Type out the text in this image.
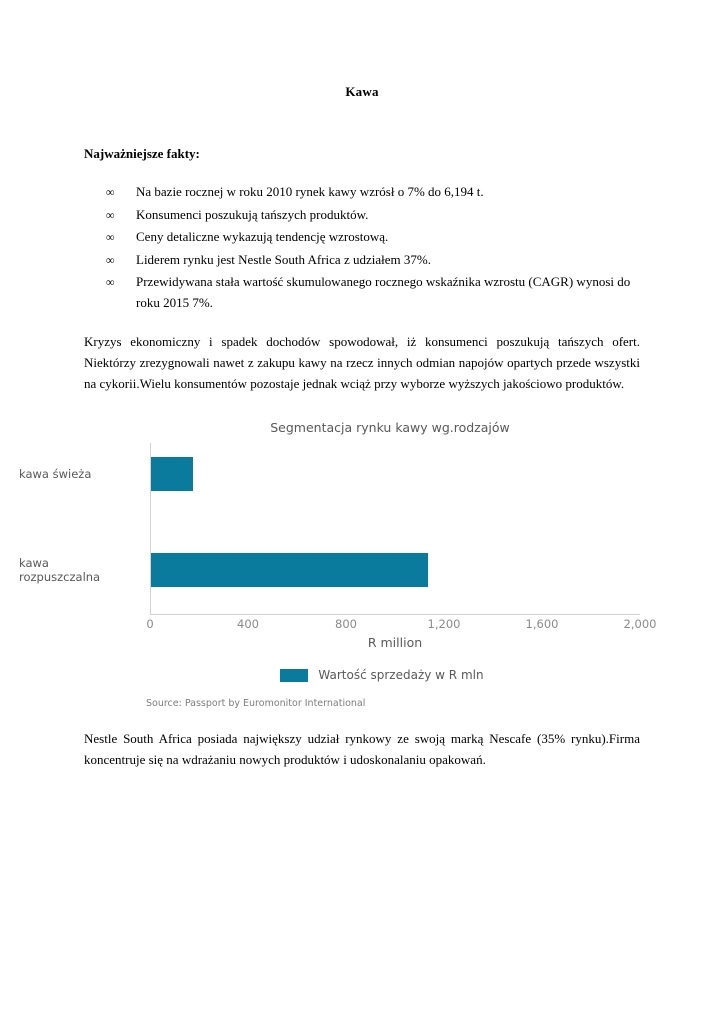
Kawa
Najważniejsze fakty:
∞ Na bazie rocznej w roku 2010 rynek kawy wzrósł o 7% do 6,194 t.
∞ Konsumenci poszukują tańszych produktów.
∞ Ceny detaliczne wykazują tendencję wzrostową.
∞ Liderem rynku jest Nestle South Africa z udziałem 37%.
∞ Przewidywana stała wartość skumulowanego rocznego wskaźnika wzrostu (CAGR) wynosi do roku 2015 7%.

Kryzys ekonomiczny i spadek dochodów spowodował, iż konsumenci poszukują tańszych ofert. Niektórzy zrezygnowali nawet z zakupu kawy na rzecz innych odmian napojów opartych przede wszystki na cykorii.Wielu konsumentów pozostaje jednak wciąż przy wyborze wyższych jakościowo produktów.

Segmentacja rynku kawy wg.rodzajów
kawa świeża
kawa
rozpuszczalna
0	400	800	1,200	1,600	2,000
R million
Wartość sprzedaży w R mln
Source: Passport by Euromonitor International

Nestle South Africa posiada największy udział rynkowy ze swoją marką Nescafe (35% rynku).Firma koncentruje się na wdrażaniu nowych produktów i udoskonalaniu opakowań.
